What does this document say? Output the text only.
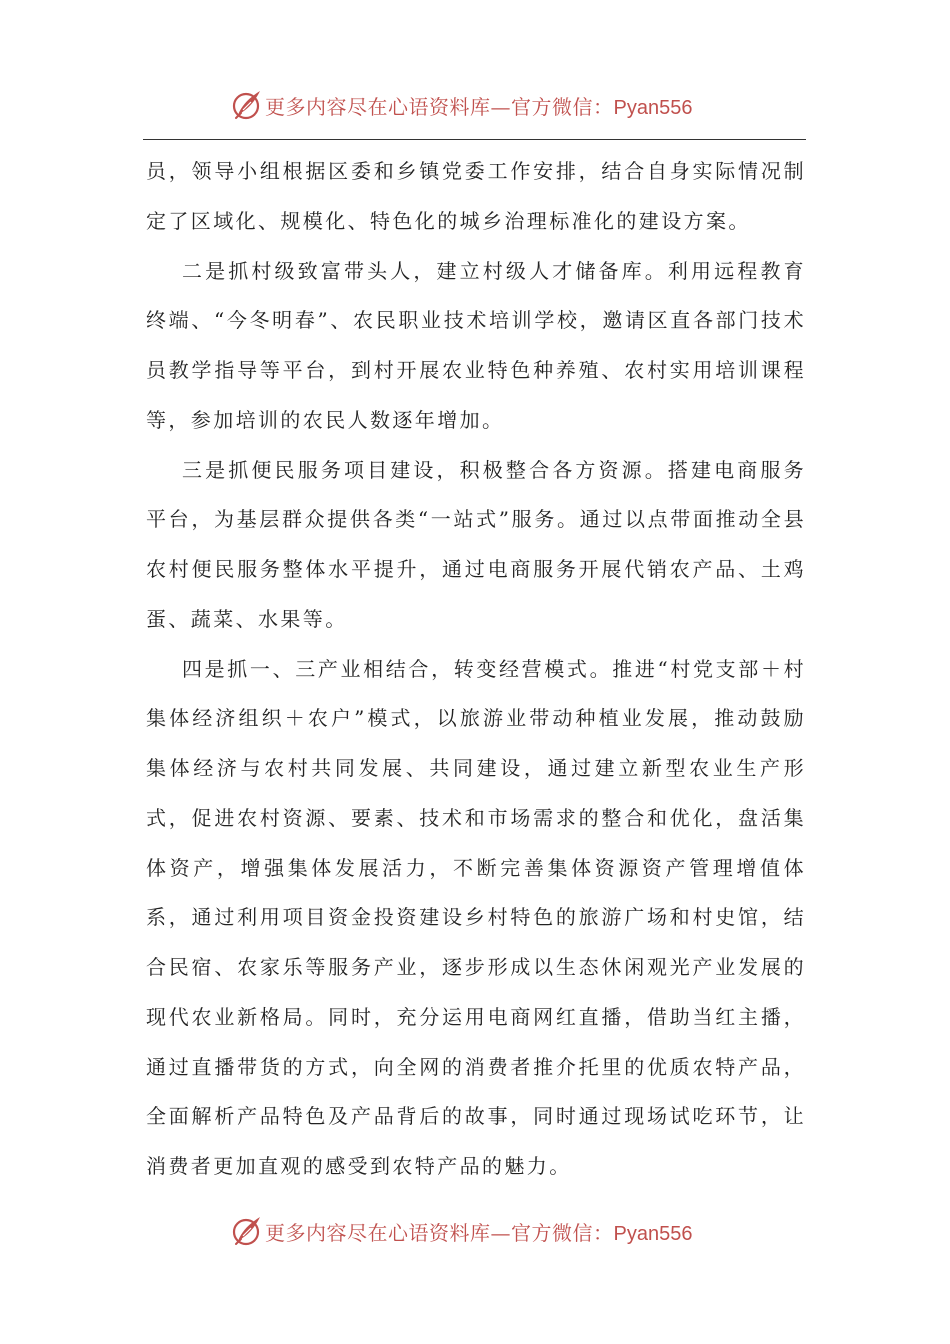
更多内容尽在心语资料库—官方微信：Pyan556

员，领导小组根据区委和乡镇党委工作安排，结合自身实际情况制定了区域化、规模化、特色化的城乡治理标准化的建设方案。

二是抓村级致富带头人，建立村级人才储备库。利用远程教育终端、“今冬明春”、农民职业技术培训学校，邀请区直各部门技术员教学指导等平台，到村开展农业特色种养殖、农村实用培训课程等，参加培训的农民人数逐年增加。

三是抓便民服务项目建设，积极整合各方资源。搭建电商服务平台，为基层群众提供各类“一站式”服务。通过以点带面推动全县农村便民服务整体水平提升，通过电商服务开展代销农产品、土鸡蛋、蔬菜、水果等。

四是抓一、三产业相结合，转变经营模式。推进“村党支部＋村集体经济组织＋农户”模式，以旅游业带动种植业发展，推动鼓励集体经济与农村共同发展、共同建设，通过建立新型农业生产形式，促进农村资源、要素、技术和市场需求的整合和优化，盘活集体资产，增强集体发展活力，不断完善集体资源资产管理增值体系，通过利用项目资金投资建设乡村特色的旅游广场和村史馆，结合民宿、农家乐等服务产业，逐步形成以生态休闲观光产业发展的现代农业新格局。同时，充分运用电商网红直播，借助当红主播，通过直播带货的方式，向全网的消费者推介托里的优质农特产品，全面解析产品特色及产品背后的故事，同时通过现场试吃环节，让消费者更加直观的感受到农特产品的魅力。

更多内容尽在心语资料库—官方微信：Pyan556
